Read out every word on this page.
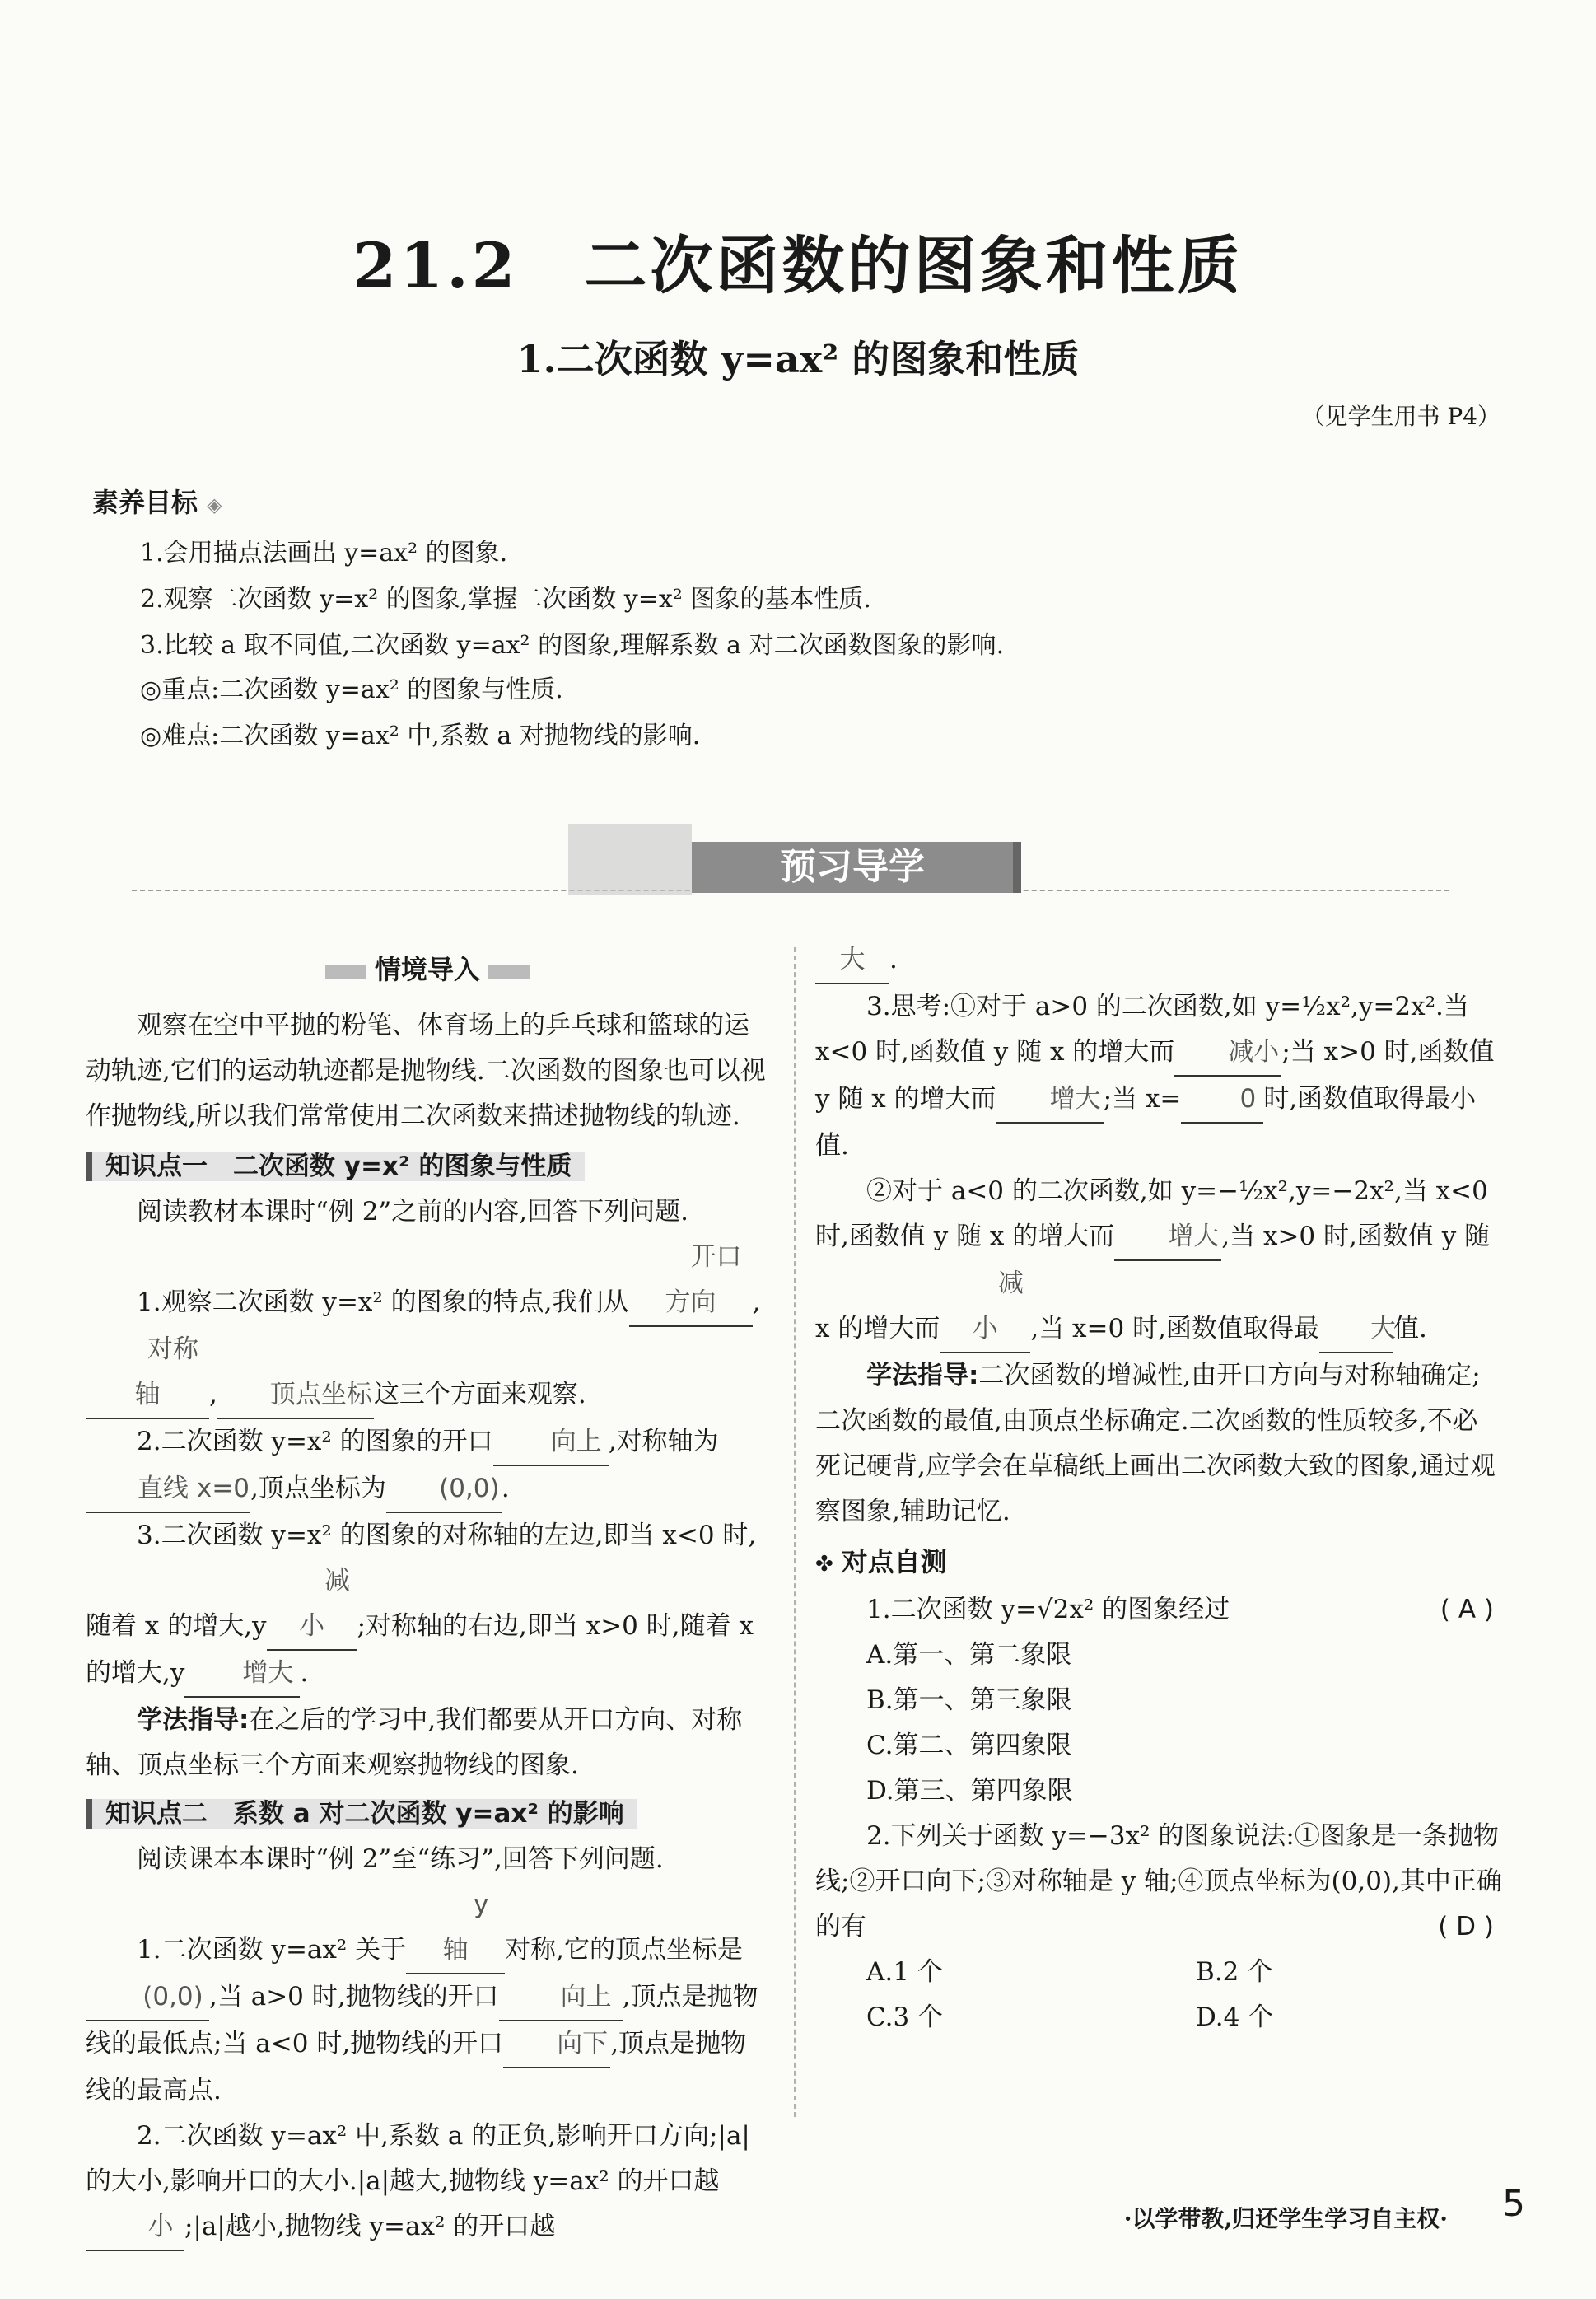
21.2　二次函数的图象和性质
1.二次函数 y=ax² 的图象和性质
（见学生用书 P4）
素养目标 ◈
1.会用描点法画出 y=ax² 的图象.
2.观察二次函数 y=x² 的图象,掌握二次函数 y=x² 图象的基本性质.
3.比较 a 取不同值,二次函数 y=ax² 的图象,理解系数 a 对二次函数图象的影响.
◎重点:二次函数 y=ax² 的图象与性质.
◎难点:二次函数 y=ax² 中,系数 a 对抛物线的影响.
预习导学

情境导入

观察在空中平抛的粉笔、体育场上的乒乓球和篮球的运动轨迹,它们的运动轨迹都是抛物线.二次函数的图象也可以视作抛物线,所以我们常常使用二次函数来描述抛物线的轨迹.

知识点一　二次函数 y=x² 的图象与性质

阅读教材本课时“例 2”之前的内容,回答下列问题.

1.观察二次函数 y=x² 的图象的特点,我们从开口方向 ,对称轴 , 顶点坐标这三个方面来观察.

2.二次函数 y=x² 的图象的开口 向上 ,对称轴为直线 x=0,顶点坐标为 (0,0).

3.二次函数 y=x² 的图象的对称轴的左边,即当 x<0 时,随着 x 的增大,y减小 ;对称轴的右边,即当 x>0 时,随着 x 的增大,y 增大 .

学法指导:在之后的学习中,我们都要从开口方向、对称轴、顶点坐标三个方面来观察抛物线的图象.

知识点二　系数 a 对二次函数 y=ax² 的影响

阅读课本本课时“例 2”至“练习”,回答下列问题.

1.二次函数 y=ax² 关于y 轴 对称,它的顶点坐标是(0,0) ,当 a>0 时,抛物线的开口 向上 ,顶点是抛物线的最低点;当 a<0 时,抛物线的开口 向下,顶点是抛物线的最高点.

2.二次函数 y=ax² 中,系数 a 的正负,影响开口方向;|a|的大小,影响开口的大小.|a|越大,抛物线 y=ax² 的开口越小 ;|a|越小,抛物线 y=ax² 的开口越

大 .

3.思考:①对于 a>0 的二次函数,如 y=½x²,y=2x².当 x<0 时,函数值 y 随 x 的增大而 减小;当 x>0 时,函数值 y 随 x 的增大而 增大;当 x= 0 时,函数值取得最小值.

②对于 a<0 的二次函数,如 y=−½x²,y=−2x²,当 x<0 时,函数值 y 随 x 的增大而 增大,当 x>0 时,函数值 y 随 x 的增大而减小 ,当 x=0 时,函数值取得最 大值.

学法指导:二次函数的增减性,由开口方向与对称轴确定;二次函数的最值,由顶点坐标确定.二次函数的性质较多,不必死记硬背,应学会在草稿纸上画出二次函数大致的图象,通过观察图象,辅助记忆.

✤ 对点自测

1.二次函数 y=√2x² 的图象经过	( A )

A.第一、第二象限

B.第一、第三象限

C.第二、第四象限

D.第三、第四象限

2.下列关于函数 y=−3x² 的图象说法:①图象是一条抛物线;②开口向下;③对称轴是 y 轴;④顶点坐标为(0,0),其中正确的有	( D )

A.1 个	B.2 个

C.3 个	D.4 个

·以学带教,归还学生学习自主权· 5
